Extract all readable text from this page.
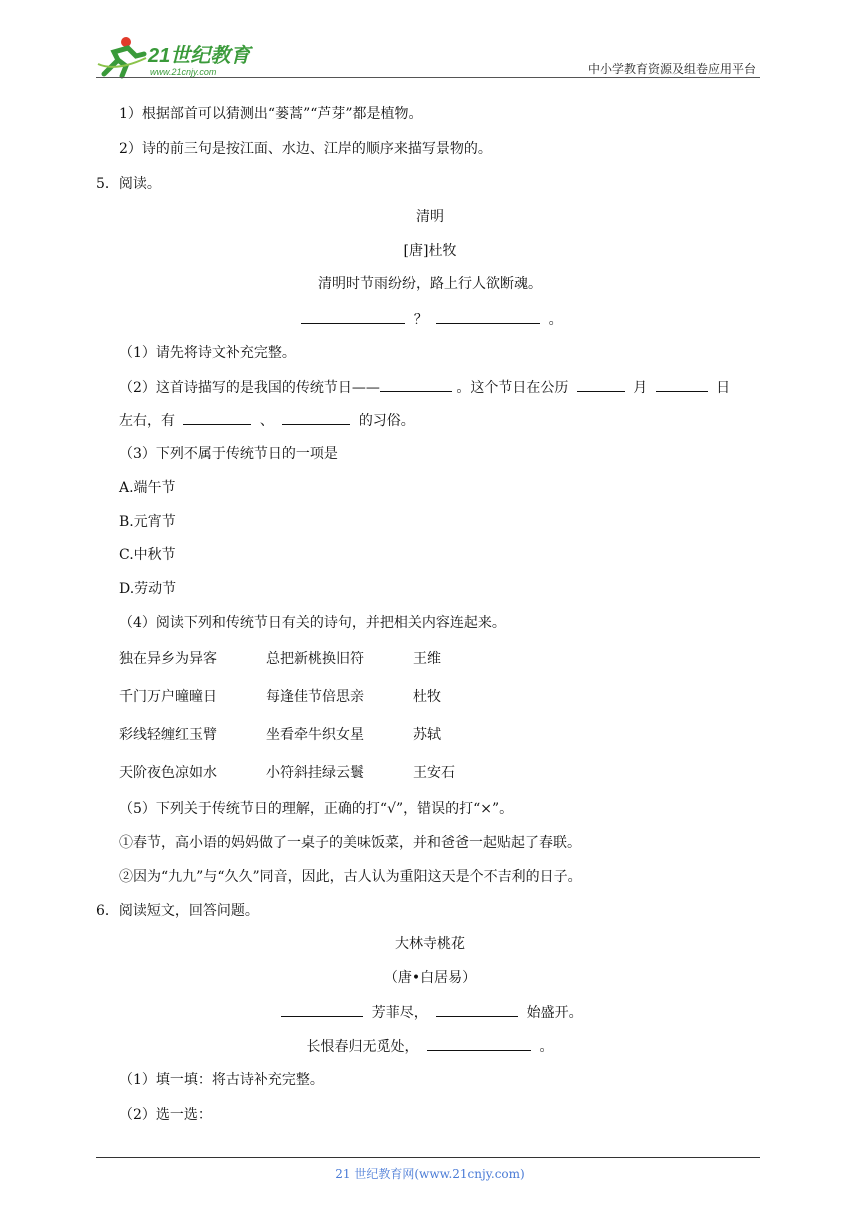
21世纪教育
www.21cnjy.com	中小学教育资源及组卷应用平台
1）根据部首可以猜测出“蒌蒿”“芦芽”都是植物。
2）诗的前三句是按江面、水边、江岸的顺序来描写景物的。
5．阅读。
清明
[唐]杜牧
清明时节雨纷纷，路上行人欲断魂。
？	。
（1）请先将诗文补充完整。
（2）这首诗描写的是我国的传统节日——	。这个节日在公历	月	日
左右，有	、	的习俗。
（3）下列不属于传统节日的一项是
A.端午节
B.元宵节
C.中秋节
D.劳动节
（4）阅读下列和传统节日有关的诗句，并把相关内容连起来。
独在异乡为异客	总把新桃换旧符	王维
千门万户曈曈日	每逢佳节倍思亲	杜牧
彩线轻缠红玉臂	坐看牵牛织女星	苏轼
天阶夜色凉如水	小符斜挂绿云鬟	王安石
（5）下列关于传统节日的理解，正确的打“√”，错误的打“×”。
①春节，高小语的妈妈做了一桌子的美味饭菜，并和爸爸一起贴起了春联。
②因为“九九”与“久久”同音，因此，古人认为重阳这天是个不吉利的日子。
6．阅读短文，回答问题。
大林寺桃花
（唐•白居易）
芳菲尽，	始盛开。
长恨春归无觅处，	。
（1）填一填：将古诗补充完整。
（2）选一选：
21 世纪教育网(www.21cnjy.com)
